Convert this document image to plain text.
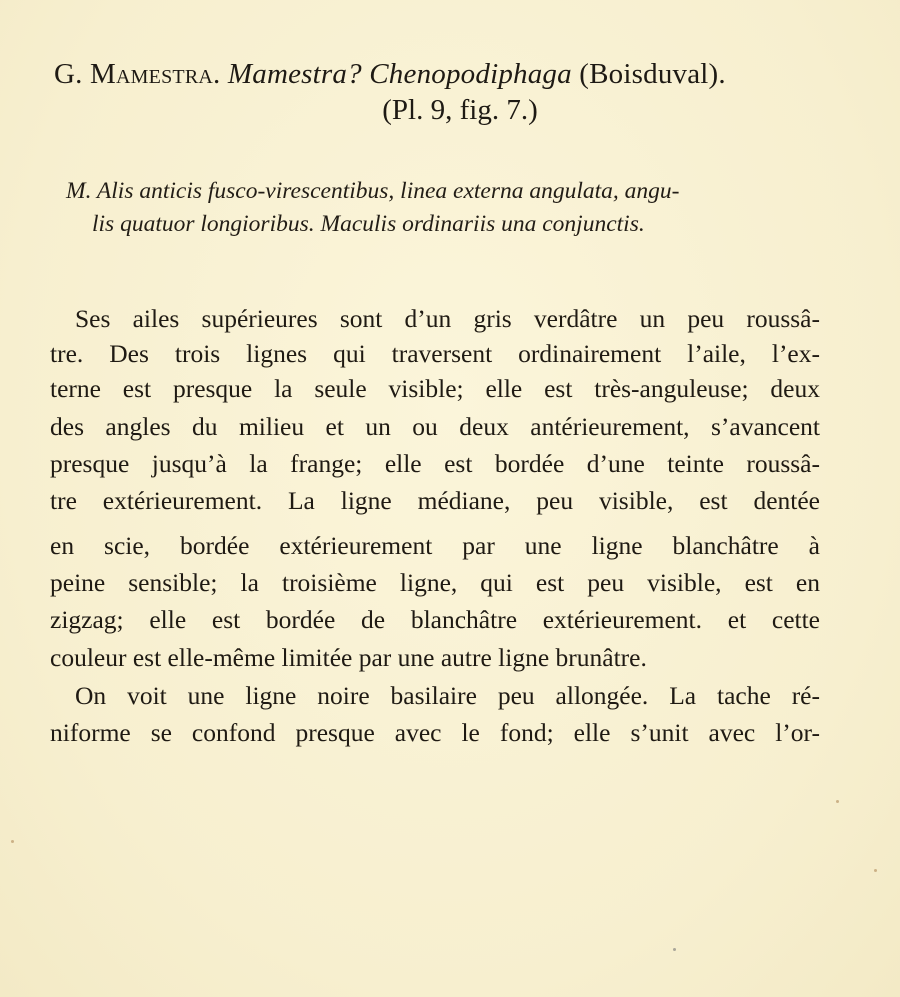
G. Mamestra. Mamestra? Chenopodiphaga (Boisduval).
(Pl. 9, fig. 7.)
M. Alis anticis fusco-virescentibus, linea externa angulata, angu-
lis quatuor longioribus. Maculis ordinariis una conjunctis.
Ses ailes supérieures sont d’un gris verdâtre un peu roussâ-
tre. Des trois lignes qui traversent ordinairement l’aile, l’ex-
terne est presque la seule visible; elle est très-anguleuse; deux
des angles du milieu et un ou deux antérieurement, s’avancent
presque jusqu’à la frange; elle est bordée d’une teinte roussâ-
tre extérieurement. La ligne médiane, peu visible, est dentée
en scie, bordée extérieurement par une ligne blanchâtre à
peine sensible; la troisième ligne, qui est peu visible, est en
zigzag; elle est bordée de blanchâtre extérieurement. et cette
couleur est elle-même limitée par une autre ligne brunâtre.
On voit une ligne noire basilaire peu allongée. La tache ré-
niforme se confond presque avec le fond; elle s’unit avec l’or-
